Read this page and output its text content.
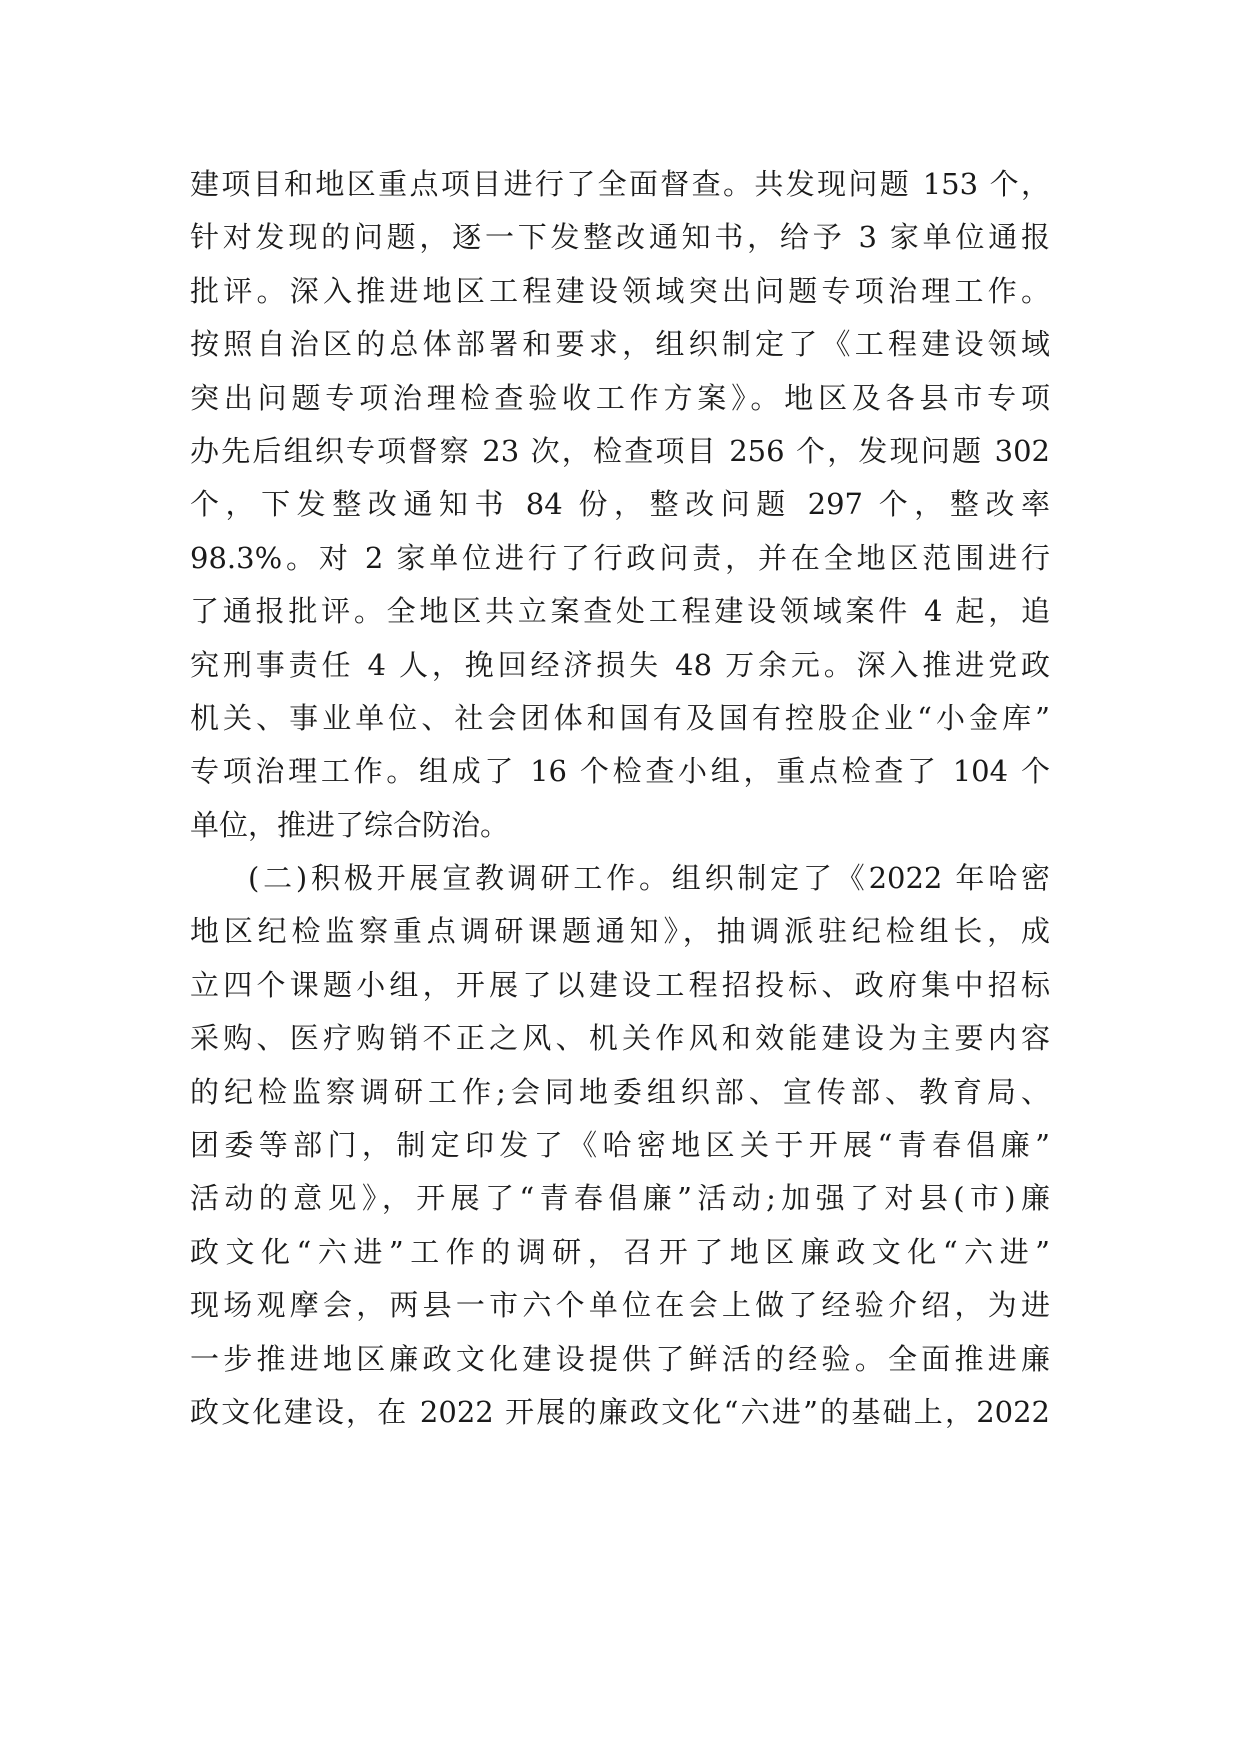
建项目和地区重点项目进行了全面督查。共发现问题 153 个，
针对发现的问题，逐一下发整改通知书，给予 3 家单位通报
批评。深入推进地区工程建设领域突出问题专项治理工作。
按照自治区的总体部署和要求，组织制定了《工程建设领域
突出问题专项治理检查验收工作方案》。地区及各县市专项
办先后组织专项督察 23 次，检查项目 256 个，发现问题 302
个，下发整改通知书 84 份，整改问题 297 个，整改率
98.3%。对 2 家单位进行了行政问责，并在全地区范围进行
了通报批评。全地区共立案查处工程建设领域案件 4 起，追
究刑事责任 4 人，挽回经济损失 48 万余元。深入推进党政
机关、事业单位、社会团体和国有及国有控股企业“小金库”
专项治理工作。组成了 16 个检查小组，重点检查了 104 个
单位，推进了综合防治。
(二)积极开展宣教调研工作。组织制定了《2022 年哈密
地区纪检监察重点调研课题通知》，抽调派驻纪检组长，成
立四个课题小组，开展了以建设工程招投标、政府集中招标
采购、医疗购销不正之风、机关作风和效能建设为主要内容
的纪检监察调研工作;会同地委组织部、宣传部、教育局、
团委等部门，制定印发了《哈密地区关于开展“青春倡廉”
活动的意见》，开展了“青春倡廉”活动;加强了对县(市)廉
政文化“六进”工作的调研，召开了地区廉政文化“六进”
现场观摩会，两县一市六个单位在会上做了经验介绍，为进
一步推进地区廉政文化建设提供了鲜活的经验。全面推进廉
政文化建设，在 2022 开展的廉政文化“六进”的基础上，2022
